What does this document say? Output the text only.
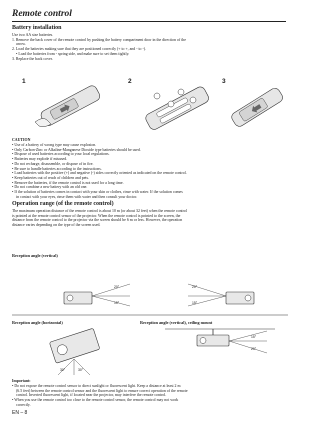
Remote control
Battery installation

Use two AA size batteries.

1. Remove the back cover of the remote control by pushing the battery compartment door in the direction of the

arrow.

2. Load the batteries making sure that they are positioned correctly (+ to +, and - to -).

• Load the batteries from - spring side, and make sure to set them tightly.

3. Replace the back cover.

1	2	3
CAUTION

• Use of a battery of wrong type may cause explosion.

• Only Carbon-Zinc or Alkaline-Manganese Dioxide type batteries should be used.

• Dispose of used batteries according to your local regulations.

• Batteries may explode if misused.

• Do not recharge, disassemble, or dispose of in fire.

• Be sure to handle batteries according to the instructions.

• Load batteries with the positive (+) and negative (-) sides correctly oriented as indicated on the remote control.

• Keep batteries out of reach of children and pets.

• Remove the batteries, if the remote control is not used for a long time.

• Do not combine a new battery with an old one.

• If the solution of batteries comes in contact with your skin or clothes, rinse with water. If the solution comes

in contact with your eyes, rinse them with water and then consult your doctor.

Operation range (of the remote control)

The maximum operation distance of the remote control is about 10 m (or about 32 feet) when the remote control

is pointed at the remote control sensor of the projector. When the remote control is pointed to the screen, the

distance from the remote control to the projector via the screen should be 6 m or less. However, the operation

distance varies depending on the type of the screen used.

Reception angle (vertical)
20°
15°
20°
15°
Reception angle (horizontal)	Reception angle (vertical), ceiling mount
30°	30°
15°
20°
Important:

• Do not expose the remote control sensor to direct sunlight or fluorescent light. Keep a distance at least 2 m

(6.5 feet) between the remote control sensor and the fluorescent light to ensure correct operation of the remote

control. Inverted fluorescent light, if located near the projector, may interfere the remote control.

• When you use the remote control too close to the remote control sensor, the remote control may not work

correctly.

EN – 8
